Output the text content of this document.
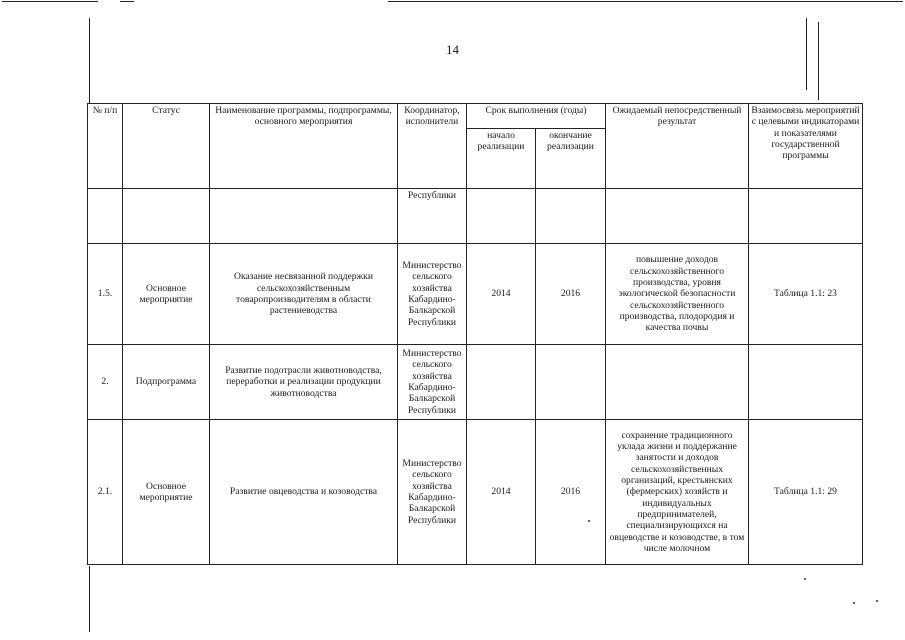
14
№ п/п	Статус	Наименование программы, подпрограммы, основного мероприятия	Координатор, исполнители	Срок выполнения (годы)		Ожидаемый непосредственный результат	Взаимосвязь мероприятий с целевыми индикаторами и показателями государственной программы
				начало реализации	окончание реализации		
			Республики				
1.5.	Основное мероприятие	Оказание несвязанной поддержки сельскохозяйственным товаропроизводителям в области растениеводства	Министерство сельского хозяйства Кабардино-Балкарской Республики	2014	2016	повышение доходов сельскохозяйственного производства, уровня экологической безопасности сельскохозяйственного производства, плодородия и качества почвы	Таблица 1.1: 23
2.	Подпрограмма	Развитие подотрасли животноводства, переработки и реализации продукции животноводства	Министерство сельского хозяйства Кабардино-Балкарской Республики				
2.1.	Основное мероприятие	Развитие овцеводства и козоводства	Министерство сельского хозяйства Кабардино-Балкарской Республики	2014	2016	сохранение традиционного уклада жизни и поддержание занятости и доходов сельскохозяйственных организаций, крестьянских (фермерских) хозяйств и индивидуальных предпринимателей, специализирующихся на овцеводстве и козоводстве, в том числе молочном	Таблица 1.1: 29
